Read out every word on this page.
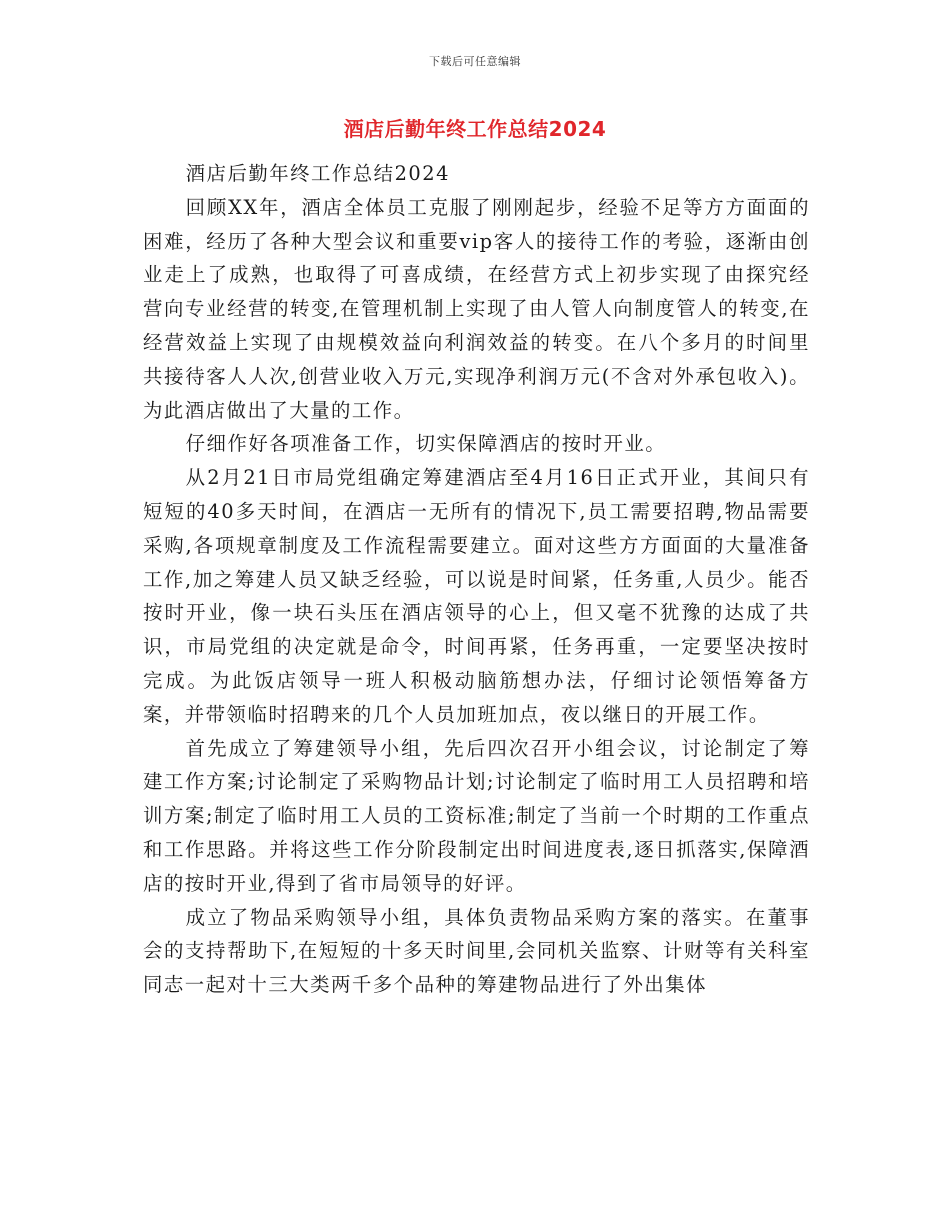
下载后可任意编辑
酒店后勤年终工作总结2024

酒店后勤年终工作总结2024

回顾XX年，酒店全体员工克服了刚刚起步，经验不足等方方面面的困难，经历了各种大型会议和重要vip客人的接待工作的考验，逐渐由创业走上了成熟，也取得了可喜成绩，在经营方式上初步实现了由探究经营向专业经营的转变,在管理机制上实现了由人管人向制度管人的转变,在经营效益上实现了由规模效益向利润效益的转变。在八个多月的时间里共接待客人人次,创营业收入万元,实现净利润万元(不含对外承包收入)。为此酒店做出了大量的工作。

仔细作好各项准备工作，切实保障酒店的按时开业。

从2月21日市局党组确定筹建酒店至4月16日正式开业，其间只有短短的40多天时间，在酒店一无所有的情况下,员工需要招聘,物品需要采购,各项规章制度及工作流程需要建立。面对这些方方面面的大量准备工作,加之筹建人员又缺乏经验，可以说是时间紧，任务重,人员少。能否按时开业，像一块石头压在酒店领导的心上，但又毫不犹豫的达成了共识，市局党组的决定就是命令，时间再紧，任务再重，一定要坚决按时完成。为此饭店领导一班人积极动脑筋想办法，仔细讨论领悟筹备方案，并带领临时招聘来的几个人员加班加点，夜以继日的开展工作。

首先成立了筹建领导小组，先后四次召开小组会议，讨论制定了筹建工作方案;讨论制定了采购物品计划;讨论制定了临时用工人员招聘和培训方案;制定了临时用工人员的工资标准;制定了当前一个时期的工作重点和工作思路。并将这些工作分阶段制定出时间进度表,逐日抓落实,保障酒店的按时开业,得到了省市局领导的好评。

成立了物品采购领导小组，具体负责物品采购方案的落实。在董事会的支持帮助下,在短短的十多天时间里,会同机关监察、计财等有关科室同志一起对十三大类两千多个品种的筹建物品进行了外出集体
